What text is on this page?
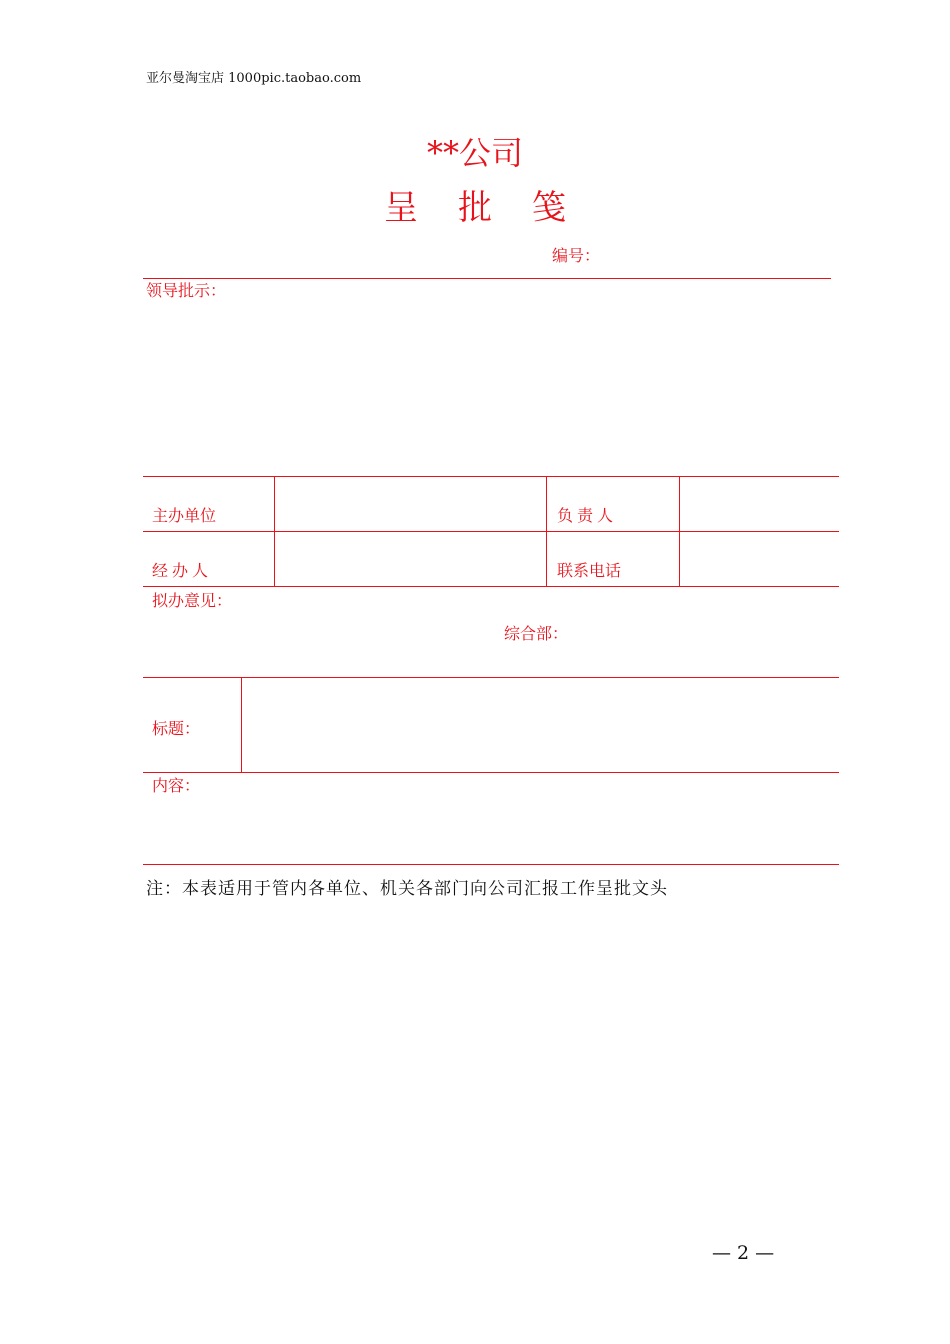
亚尔曼淘宝店 1000pic.taobao.com
**公司
呈批笺
编号：
领导批示：
主办单位	负责人
经办人	联系电话
拟办意见：
综合部：
标题：
内容：
注：本表适用于管内各单位、机关各部门向公司汇报工作呈批文头
— 2 —
